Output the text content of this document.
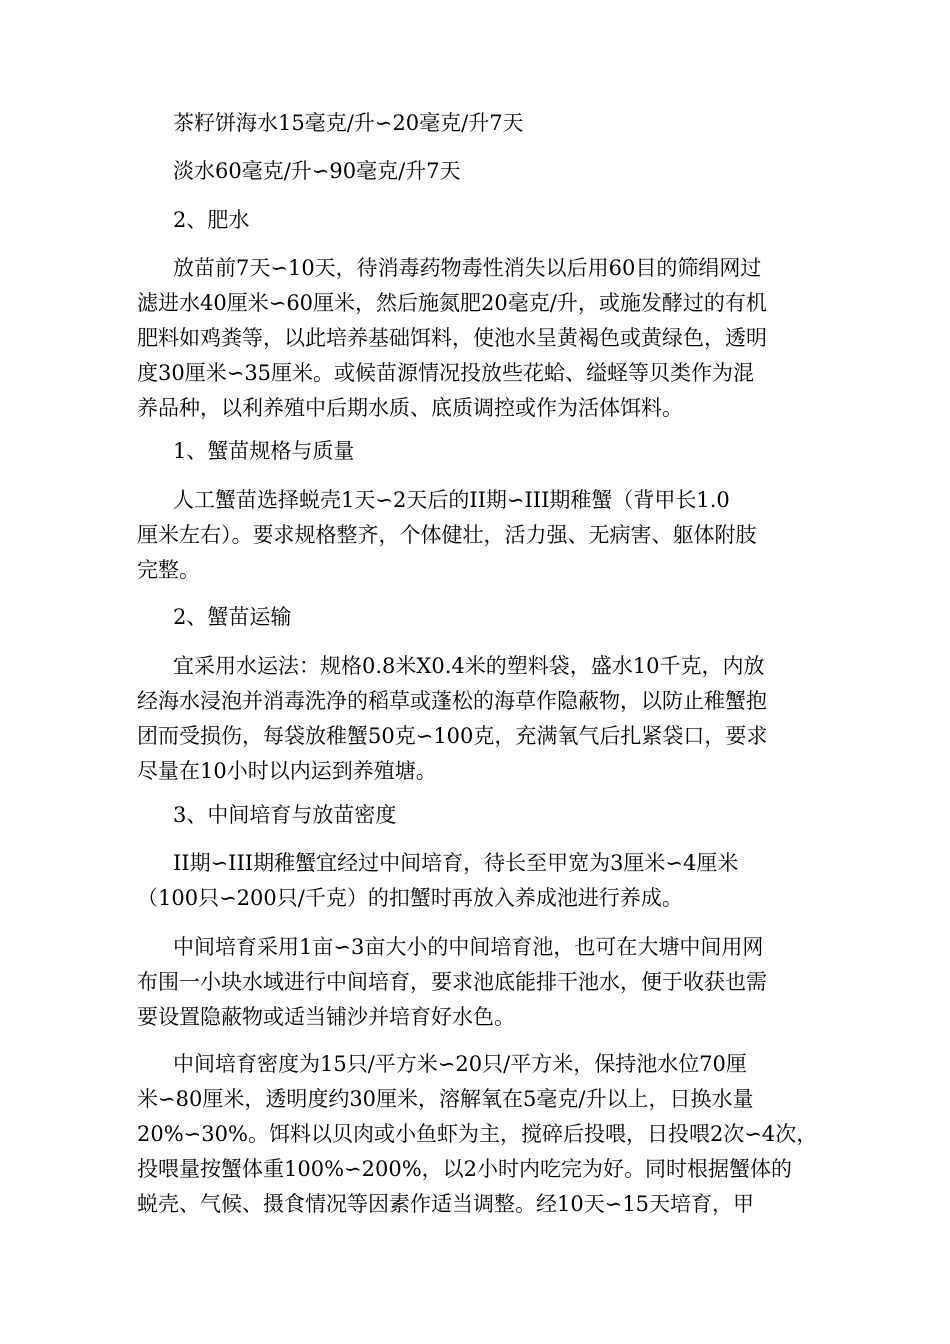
茶籽饼海水15毫克/升∽20毫克/升7天

淡水60毫克/升∽90毫克/升7天

2、肥水

放苗前7天∽10天，待消毒药物毒性消失以后用60目的筛绢网过
滤进水40厘米∽60厘米，然后施氮肥20毫克/升，或施发酵过的有机
肥料如鸡粪等，以此培养基础饵料，使池水呈黄褐色或黄绿色，透明
度30厘米∽35厘米。或候苗源情况投放些花蛤、缢蛏等贝类作为混
养品种，以利养殖中后期水质、底质调控或作为活体饵料。

1、蟹苗规格与质量

人工蟹苗选择蜕壳1天∽2天后的II期∽III期稚蟹（背甲长1.0
厘米左右）。要求规格整齐，个体健壮，活力强、无病害、躯体附肢
完整。

2、蟹苗运输

宜采用水运法：规格0.8米X0.4米的塑料袋，盛水10千克，内放
经海水浸泡并消毒洗净的稻草或蓬松的海草作隐蔽物，以防止稚蟹抱
团而受损伤，每袋放稚蟹50克∽100克，充满氧气后扎紧袋口，要求
尽量在10小时以内运到养殖塘。

3、中间培育与放苗密度

II期∽III期稚蟹宜经过中间培育，待长至甲宽为3厘米∽4厘米
（100只∽200只/千克）的扣蟹时再放入养成池进行养成。

中间培育采用1亩∽3亩大小的中间培育池，也可在大塘中间用网
布围一小块水域进行中间培育，要求池底能排干池水，便于收获也需
要设置隐蔽物或适当铺沙并培育好水色。

中间培育密度为15只/平方米∽20只/平方米，保持池水位70厘
米∽80厘米，透明度约30厘米，溶解氧在5毫克/升以上，日换水量
20%∽30%。饵料以贝肉或小鱼虾为主，搅碎后投喂，日投喂2次∽4次，
投喂量按蟹体重100%∽200%，以2小时内吃完为好。同时根据蟹体的
蜕壳、气候、摄食情况等因素作适当调整。经10天∽15天培育，甲
